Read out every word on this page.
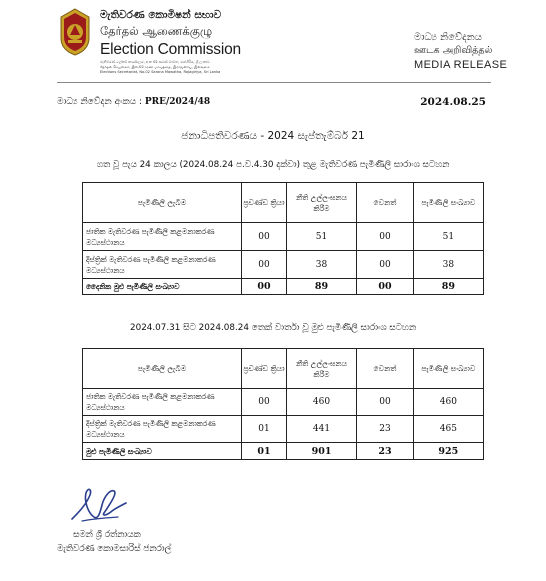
මැතිවරණ කොමිෂන් සභාව
தேர்தல் ஆணைக்குழு
Election Commission
මැතිවරණ ලේකම් කාර්යාලය, අංක 02 සරණ මාවත, රාජගිරිය, ශ්‍රී ලංකාව
தேர்தல் செயலகம், இல.02 சரண மாவத்தை, இராஜகிரிய, இலங்கை
Elections Secretariat, No.02 Sarana Mawatha, Rajagiriya, Sri Lanka
මාධ්‍ය නිවේදනය
ஊடக அறிவித்தல்
MEDIA RELEASE
මාධ්‍ය නිවේදන අංකය : PRE/2024/48	2024.08.25
ජනාධිපතිවරණය - 2024 සැප්තැම්බර් 21
ගත වූ පැය 24 කාලය (2024.08.24 ප.ව.4.30 දක්වා) තුළ මැතිවරණ පැමිණිලි සාරාංශ සටහන
පැමිණිලි ලැබීම	ප්‍රචණ්ඩ ක්‍රියා	නීති උල්ලංඝනය කිරීම	වෙනත්	පැමිණිලි සංඛ්‍යාව
ජාතික මැතිවරණ පැමිණිලි කළමනාකරණ මධ්‍යස්ථානය	00	51	00	51
දිස්ත්‍රික් මැතිවරණ පැමිණිලි කළමනාකරණ මධ්‍යස්ථානය	00	38	00	38
දෛනික මුළු පැමිණිලි සංඛ්‍යාව	00	89	00	89
2024.07.31 සිට 2024.08.24 තෙක් වාර්තා වූ මුළු පැමිණිලි සාරාංශ සටහන
පැමිණිලි ලැබීම	ප්‍රචණ්ඩ ක්‍රියා	නීති උල්ලංඝනය කිරීම	වෙනත්	පැමිණිලි සංඛ්‍යාව
ජාතික මැතිවරණ පැමිණිලි කළමනාකරණ මධ්‍යස්ථානය	00	460	00	460
දිස්ත්‍රික් මැතිවරණ පැමිණිලි කළමනාකරණ මධ්‍යස්ථානය	01	441	23	465
මුළු පැමිණිලි සංඛ්‍යාව	01	901	23	925
සමන් ශ්‍රී රත්නායක
මැතිවරණ කොමසාරිස් ජනරාල්
